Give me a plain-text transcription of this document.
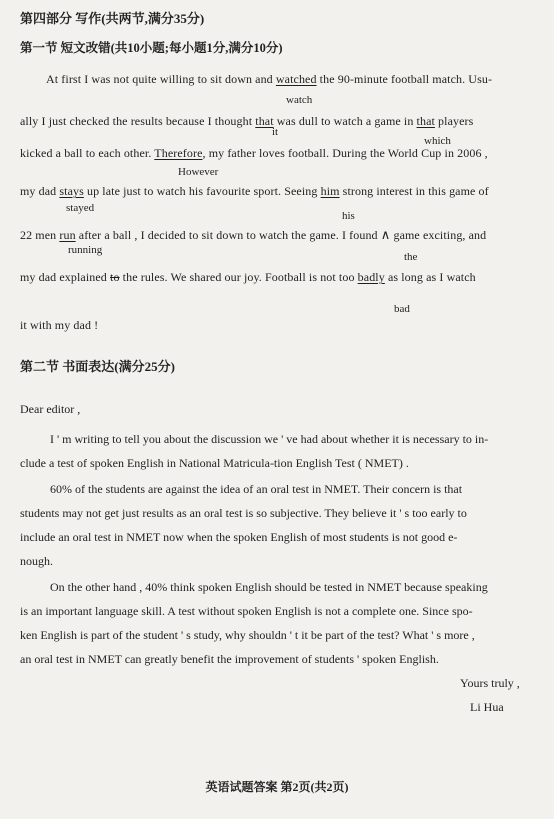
第四部分 写作(共两节,满分35分)
第一节 短文改错(共10小题;每小题1分,满分10分)
At first I was not quite willing to sit down and watched the 90-minute football match. Usu-
watch
ally I just checked the results because I thought that was dull to watch a game in that players
it
which
kicked a ball to each other. Therefore, my father loves football. During the World Cup in 2006 ,
However
my dad stays up late just to watch his favourite sport. Seeing him strong interest in this game of
stayed
his
22 men run after a ball , I decided to sit down to watch the game. I found ∧ game exciting, and
running
the
my dad explained to the rules. We shared our joy. Football is not too badly as long as I watch
bad
it with my dad !
第二节 书面表达(满分25分)
Dear editor ,
I ' m writing to tell you about the discussion we ' ve had about whether it is necessary to in-
clude a test of spoken English in National Matricula-tion English Test ( NMET) .
60% of the students are against the idea of an oral test in NMET. Their concern is that
students may not get just results as an oral test is so subjective. They believe it ' s too early to
include an oral test in NMET now when the spoken English of most students is not good e-
nough.
On the other hand , 40% think spoken English should be tested in NMET because speaking
is an important language skill. A test without spoken English is not a complete one. Since spo-
ken English is part of the student ' s study, why shouldn ' t it be part of the test? What ' s more ,
an oral test in NMET can greatly benefit the improvement of students ' spoken English.
Yours truly ,
Li Hua
英语试题答案 第2页(共2页)
